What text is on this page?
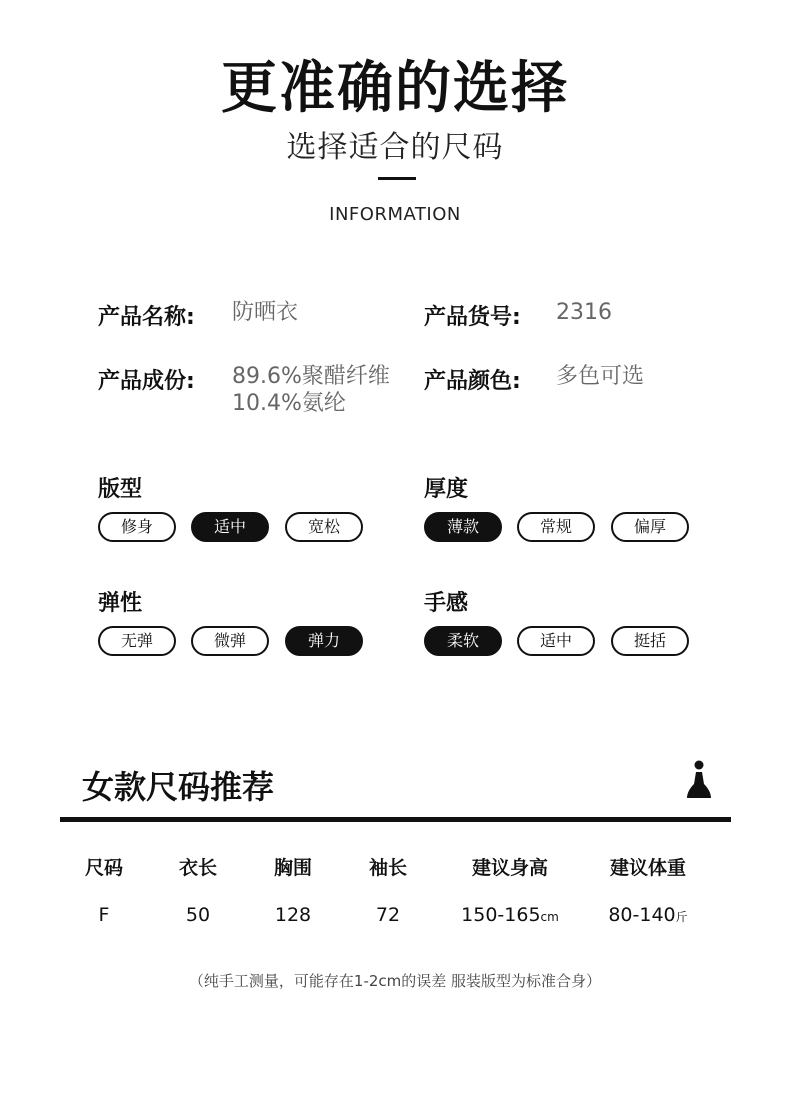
更准确的选择
选择适合的尺码
INFORMATION
产品名称: 防晒衣	产品货号: 2316
产品成份: 89.6%聚醋纤维
10.4%氨纶
产品颜色: 多色可选
版型
修身	适中	宽松
厚度
薄款	常规	偏厚
弹性
无弹	微弹	弹力
手感
柔软	适中	挺括
女款尺码推荐
尺码	衣长	胸围	袖长	建议身高	建议体重
F	50	128	72	150-165cm	80-140斤
（纯手工测量，可能存在1-2cm的误差 服装版型为标准合身）
